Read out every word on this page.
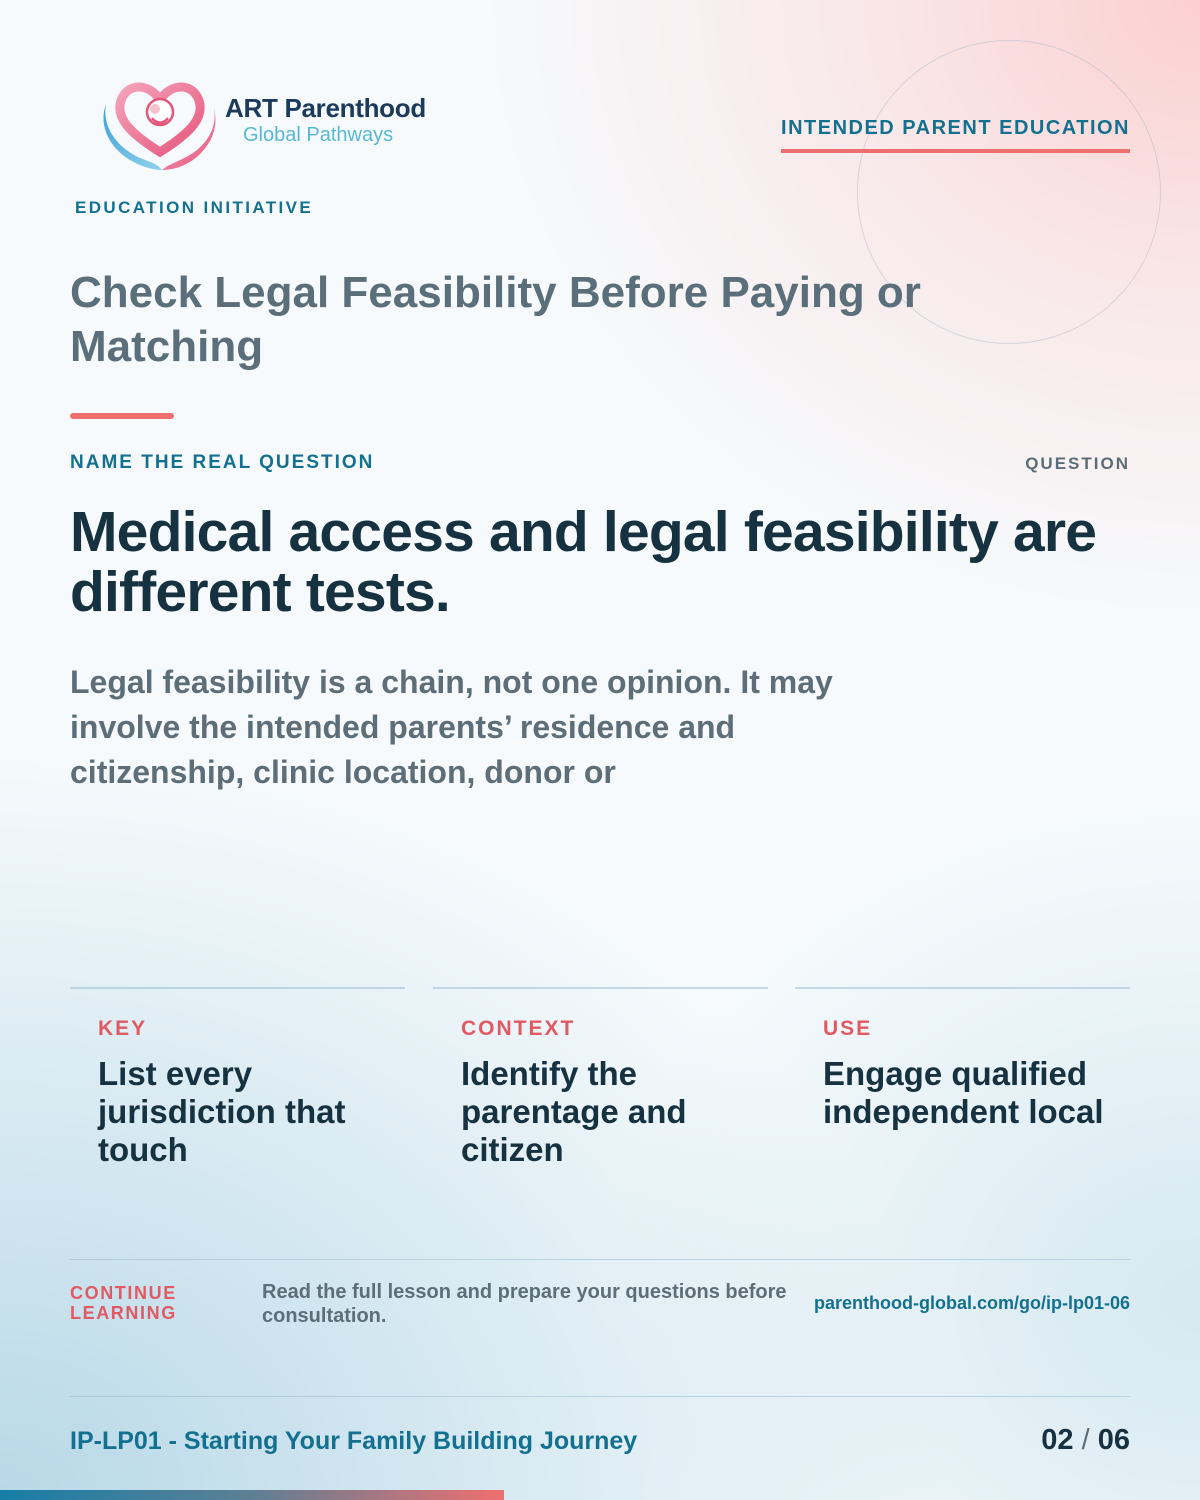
ART Parenthood
Global Pathways
EDUCATION INITIATIVE
INTENDED PARENT EDUCATION
Check Legal Feasibility Before Paying or Matching
NAME THE REAL QUESTION	QUESTION
Medical access and legal feasibility are different tests.

Legal feasibility is a chain, not one opinion. It may involve the intended parents’ residence and citizenship, clinic location, donor or

KEY
List every jurisdiction that touch
CONTEXT
Identify the parentage and citizen
USE
Engage qualified independent local
CONTINUE LEARNING
Read the full lesson and prepare your questions before consultation.
parenthood-global.com/go/ip-lp01-06
IP-LP01 - Starting Your Family Building Journey	02 / 06
